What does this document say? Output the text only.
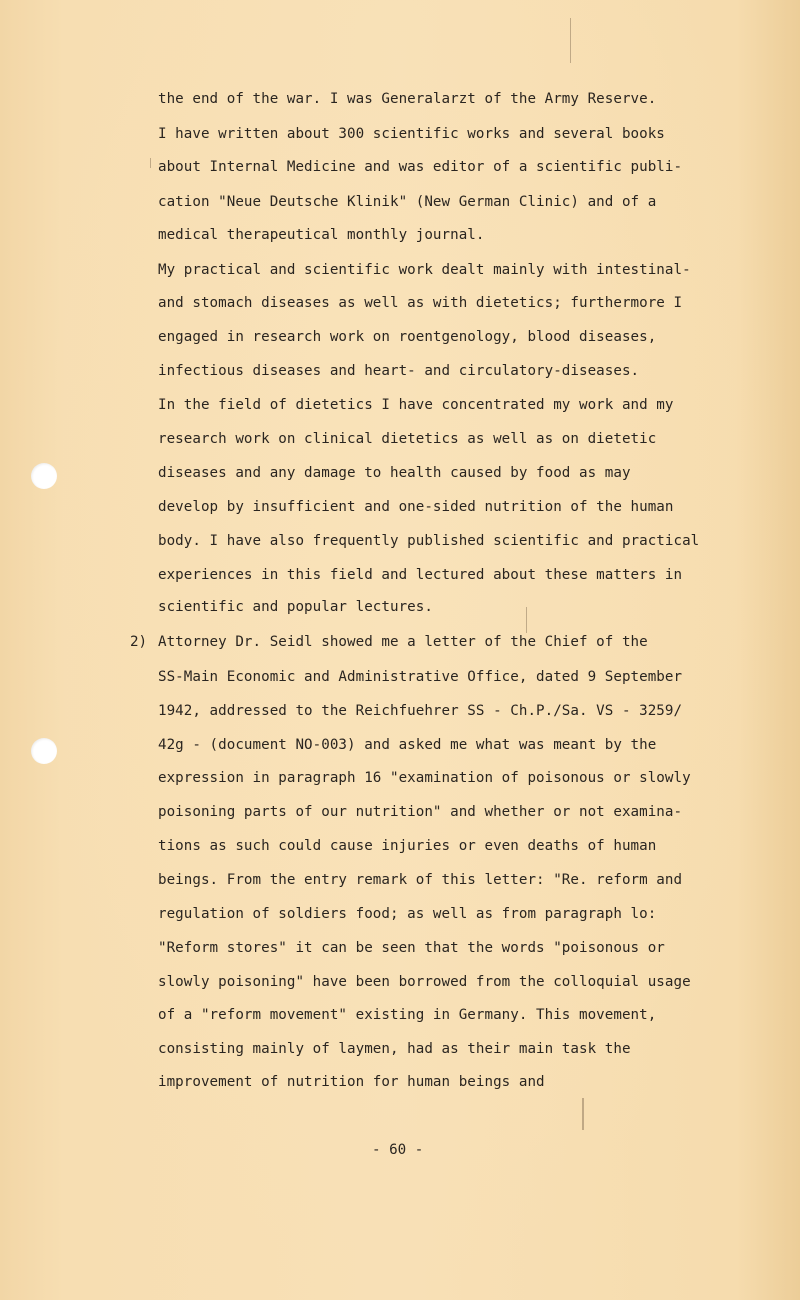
the end of the war. I was Generalarzt of the Army Reserve.
I have written about 300 scientific works and several books
about Internal Medicine and was editor of a scientific publi-
cation "Neue Deutsche Klinik" (New German Clinic) and of a
medical therapeutical monthly journal.
My practical and scientific work dealt mainly with intestinal-
and stomach diseases as well as with dietetics; furthermore I
engaged in research work on roentgenology, blood diseases,
infectious diseases and heart- and circulatory-diseases.
In the field of dietetics I have concentrated my work and my
research work on clinical dietetics as well as on dietetic
diseases and any damage to health caused by food as may
develop by insufficient and one-sided nutrition of the human
body. I have also frequently published scientific and practical
experiences in this field and lectured about these matters in
scientific and popular lectures.
2) Attorney Dr. Seidl showed me a letter of the Chief of the
SS-Main Economic and Administrative Office, dated 9 September
1942, addressed to the Reichfuehrer SS - Ch.P./Sa. VS - 3259/
42g - (document NO-003) and asked me what was meant by the
expression in paragraph 16 "examination of poisonous or slowly
poisoning parts of our nutrition" and whether or not examina-
tions as such could cause injuries or even deaths of human
beings. From the entry remark of this letter: "Re. reform and
regulation of soldiers food; as well as from paragraph lo:
"Reform stores" it can be seen that the words "poisonous or
slowly poisoning" have been borrowed from the colloquial usage
of a "reform movement" existing in Germany. This movement,
consisting mainly of laymen, had as their main task the
improvement of nutrition for human beings and
- 60 -
